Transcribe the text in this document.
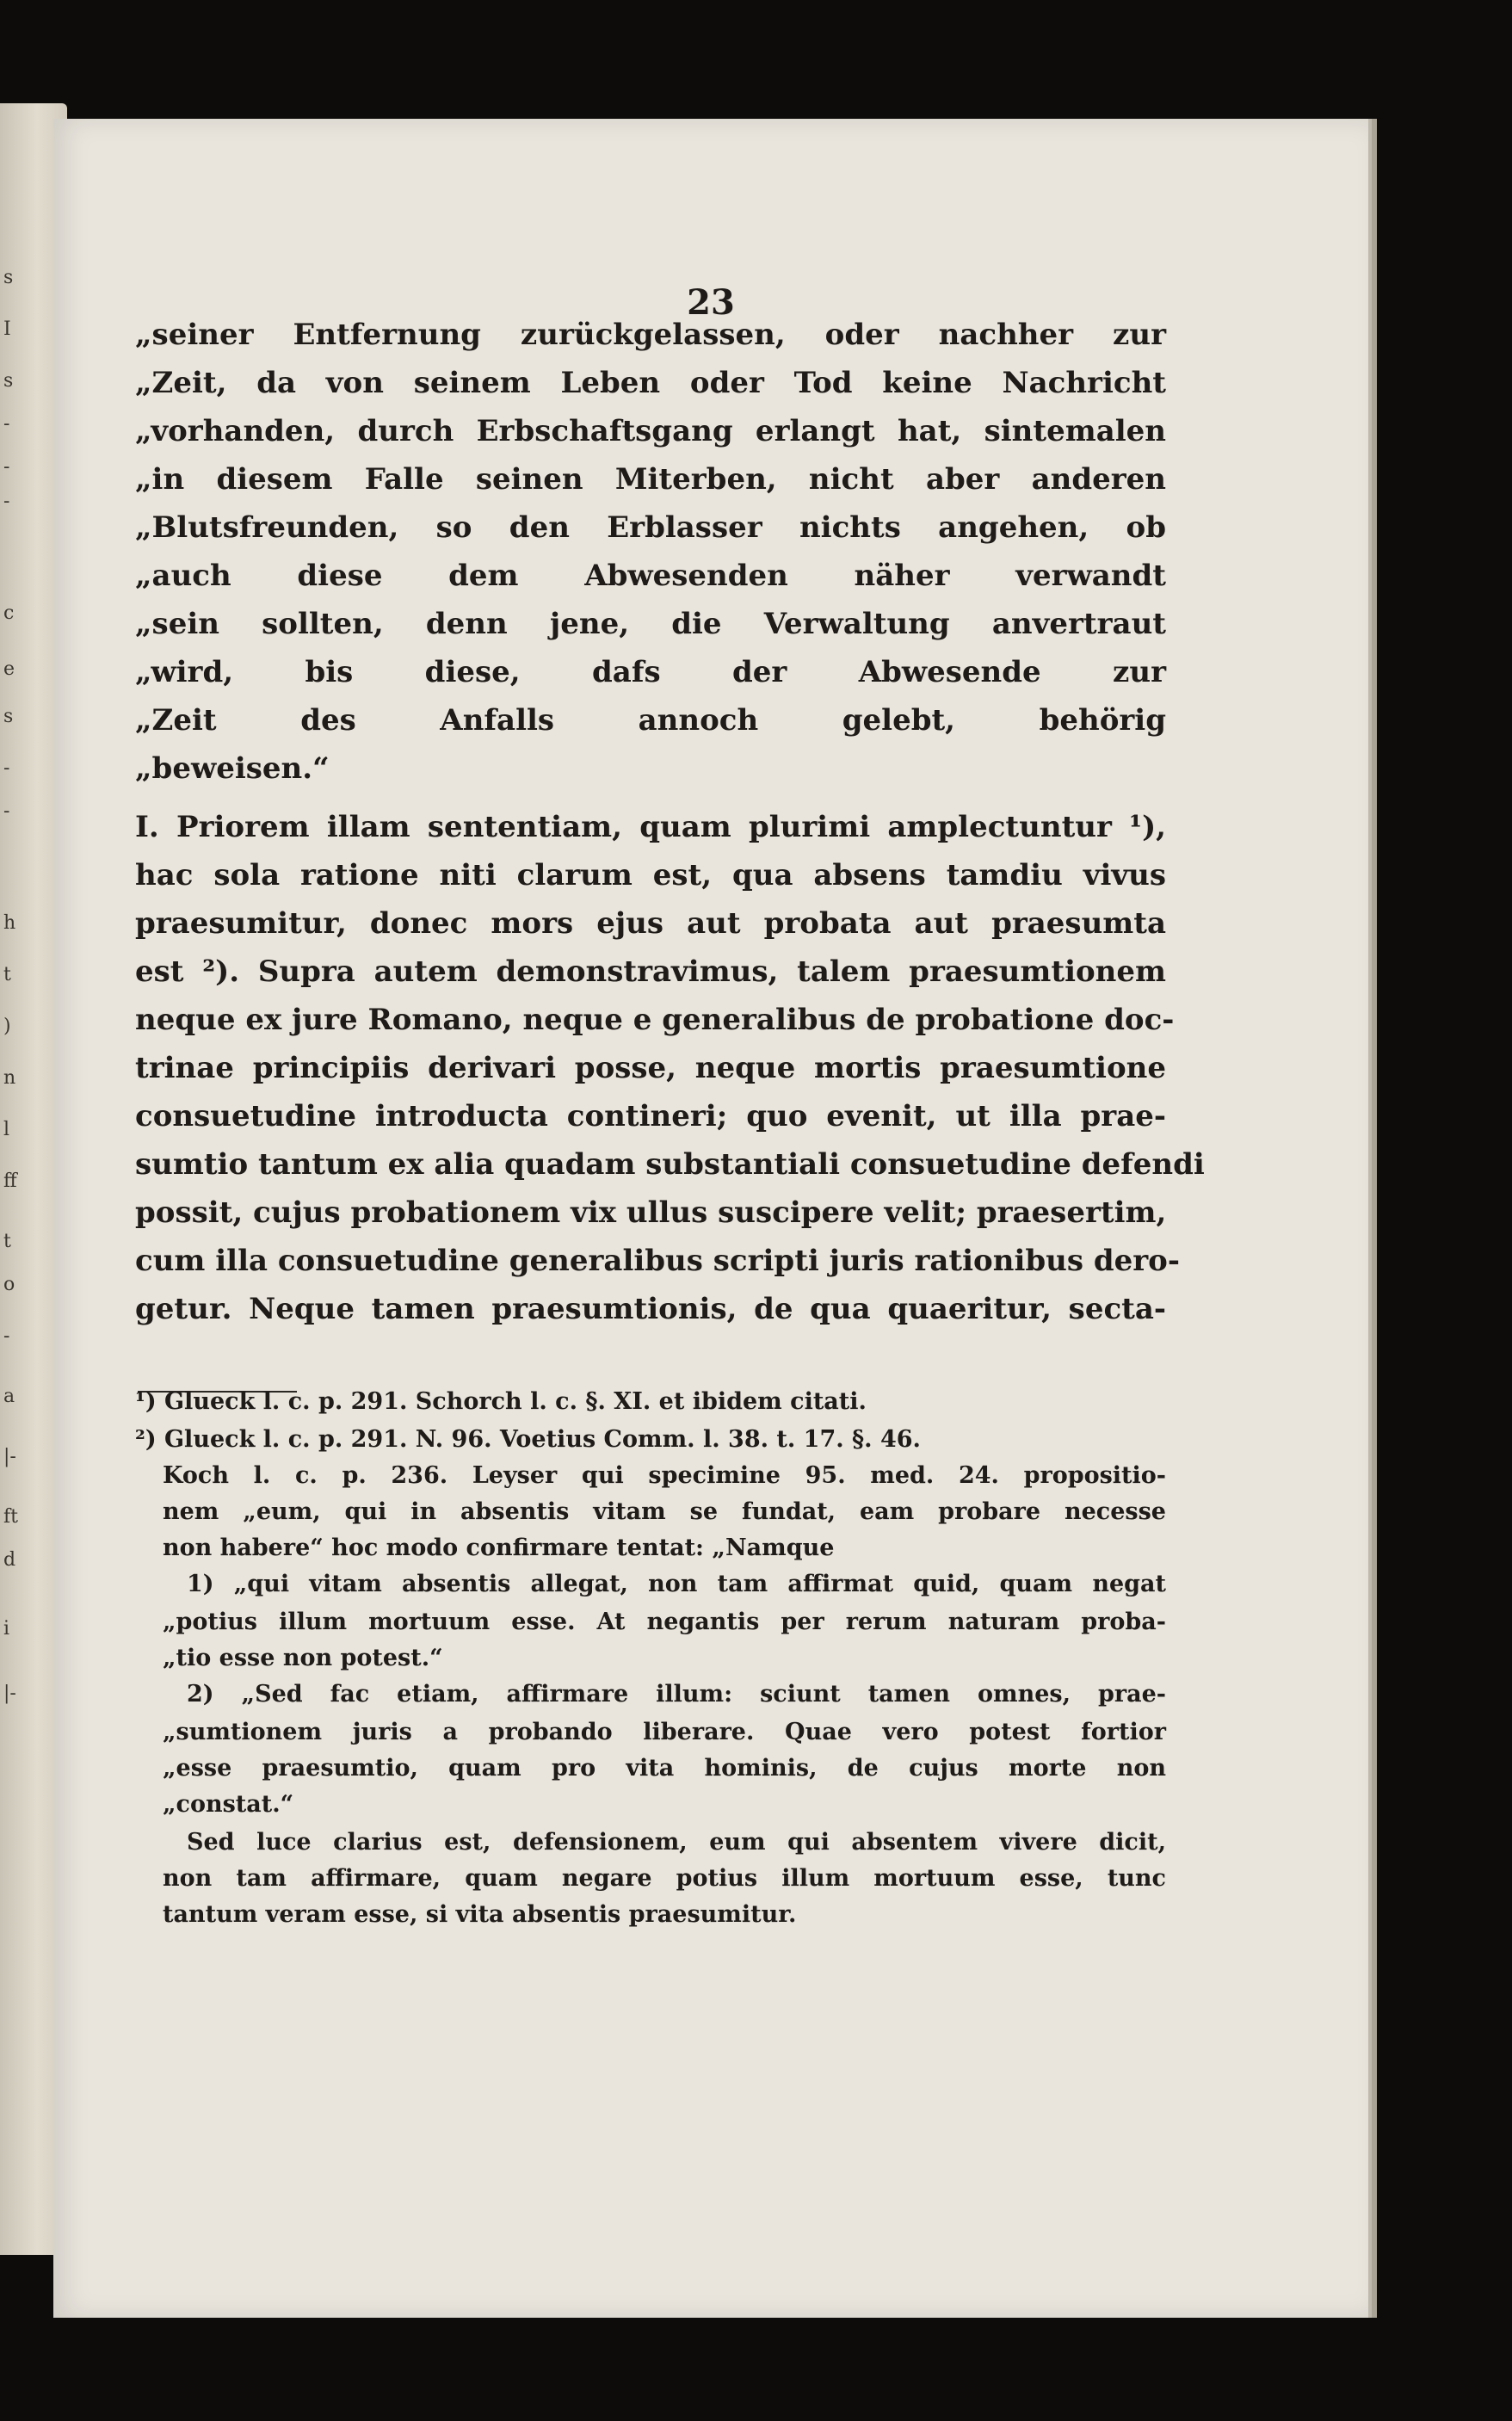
s
I
s
-
-
-
c
e
s
-
-
h
t
)
n
l
ff
t
o
-
a
|-
ft
d
i
|-
23
„seiner Entfernung zurückgelassen, oder nachher zur
„Zeit, da von seinem Leben oder Tod keine Nachricht
„vorhanden, durch Erbschaftsgang erlangt hat, sintemalen
„in diesem Falle seinen Miterben, nicht aber anderen
„Blutsfreunden, so den Erblasser nichts angehen, ob
„auch diese dem Abwesenden näher verwandt
„sein sollten, denn jene, die Verwaltung anvertraut
„wird, bis diese, dafs der Abwesende zur
„Zeit des Anfalls annoch gelebt, behörig
„beweisen.“
I. Priorem illam sententiam, quam plurimi amplectuntur ¹),
hac sola ratione niti clarum est, qua absens tamdiu vivus
praesumitur, donec mors ejus aut probata aut praesumta
est ²). Supra autem demonstravimus, talem praesumtionem
neque ex jure Romano, neque e generalibus de probatione doc-
trinae principiis derivari posse, neque mortis praesumtione
consuetudine introducta contineri; quo evenit, ut illa prae-
sumtio tantum ex alia quadam substantiali consuetudine defendi
possit, cujus probationem vix ullus suscipere velit; praesertim,
cum illa consuetudine generalibus scripti juris rationibus dero-
getur. Neque tamen praesumtionis, de qua quaeritur, secta-
¹) Glueck l. c. p. 291. Schorch l. c. §. XI. et ibidem citati.
²) Glueck l. c. p. 291. N. 96. Voetius Comm. l. 38. t. 17. §. 46.
Koch l. c. p. 236. Leyser qui specimine 95. med. 24. propositio-
nem „eum, qui in absentis vitam se fundat, eam probare necesse
non habere“ hoc modo confirmare tentat: „Namque
1) „qui vitam absentis allegat, non tam affirmat quid, quam negat
„potius illum mortuum esse. At negantis per rerum naturam proba-
„tio esse non potest.“
2) „Sed fac etiam, affirmare illum: sciunt tamen omnes, prae-
„sumtionem juris a probando liberare. Quae vero potest fortior
„esse praesumtio, quam pro vita hominis, de cujus morte non
„constat.“
Sed luce clarius est, defensionem, eum qui absentem vivere dicit,
non tam affirmare, quam negare potius illum mortuum esse, tunc
tantum veram esse, si vita absentis praesumitur.
